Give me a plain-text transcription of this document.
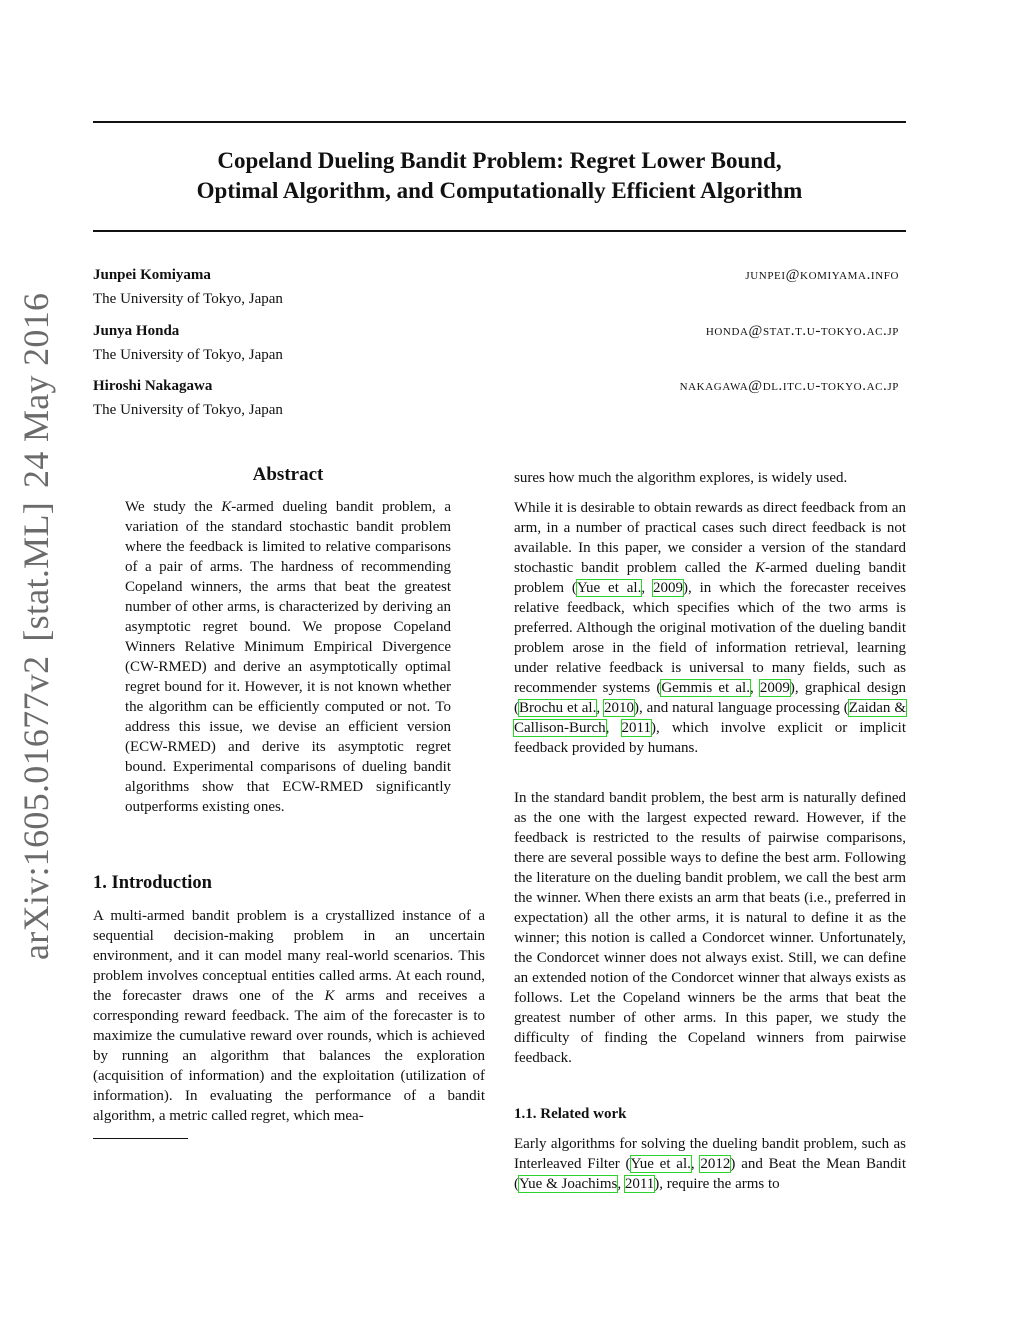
Copeland Dueling Bandit Problem: Regret Lower Bound,
Optimal Algorithm, and Computationally Efficient Algorithm
Junpei Komiyama
The University of Tokyo, Japan
junpei@komiyama.info
Junya Honda
The University of Tokyo, Japan
honda@stat.t.u-tokyo.ac.jp
Hiroshi Nakagawa
The University of Tokyo, Japan
nakagawa@dl.itc.u-tokyo.ac.jp
arXiv:1605.01677v2[stat.ML]24 May 2016	Abstract

We study the K-armed dueling bandit problem, a variation of the standard stochastic bandit problem where the feedback is limited to relative comparisons of a pair of arms. The hardness of recommending Copeland winners, the arms that beat the greatest number of other arms, is characterized by deriving an asymptotic regret bound. We propose Copeland Winners Relative Minimum Empirical Divergence (CW-RMED) and derive an asymptotically optimal regret bound for it. However, it is not known whether the algorithm can be efficiently computed or not. To address this issue, we devise an efficient version (ECW-RMED) and derive its asymptotic regret bound. Experimental comparisons of dueling bandit algorithms show that ECW-RMED significantly outperforms existing ones.

1. Introduction

A multi-armed bandit problem is a crystallized instance of a sequential decision-making problem in an uncertain environment, and it can model many real-world scenarios. This problem involves conceptual entities called arms. At each round, the forecaster draws one of the K arms and receives a corresponding reward feedback. The aim of the forecaster is to maximize the cumulative reward over rounds, which is achieved by running an algorithm that balances the exploration (acquisition of information) and the exploitation (utilization of information). In evaluating the performance of a bandit algorithm, a metric called regret, which mea-

sures how much the algorithm explores, is widely used.

While it is desirable to obtain rewards as direct feedback from an arm, in a number of practical cases such direct feedback is not available. In this paper, we consider a version of the standard stochastic bandit problem called the K-armed dueling bandit problem (Yue et al., 2009), in which the forecaster receives relative feedback, which specifies which of the two arms is preferred. Although the original motivation of the dueling bandit problem arose in the field of information retrieval, learning under relative feedback is universal to many fields, such as recommender systems (Gemmis et al., 2009), graphical design (Brochu et al., 2010), and natural language processing (Zaidan & Callison-Burch, 2011), which involve explicit or implicit feedback provided by humans.

In the standard bandit problem, the best arm is naturally defined as the one with the largest expected reward. However, if the feedback is restricted to the results of pairwise comparisons, there are several possible ways to define the best arm. Following the literature on the dueling bandit problem, we call the best arm the winner. When there exists an arm that beats (i.e., preferred in expectation) all the other arms, it is natural to define it as the winner; this notion is called a Condorcet winner. Unfortunately, the Condorcet winner does not always exist. Still, we can define an extended notion of the Condorcet winner that always exists as follows. Let the Copeland winners be the arms that beat the greatest number of other arms. In this paper, we study the difficulty of finding the Copeland winners from pairwise feedback.

1.1. Related work

Early algorithms for solving the dueling bandit problem, such as Interleaved Filter (Yue et al., 2012) and Beat the Mean Bandit (Yue & Joachims, 2011), require the arms to
